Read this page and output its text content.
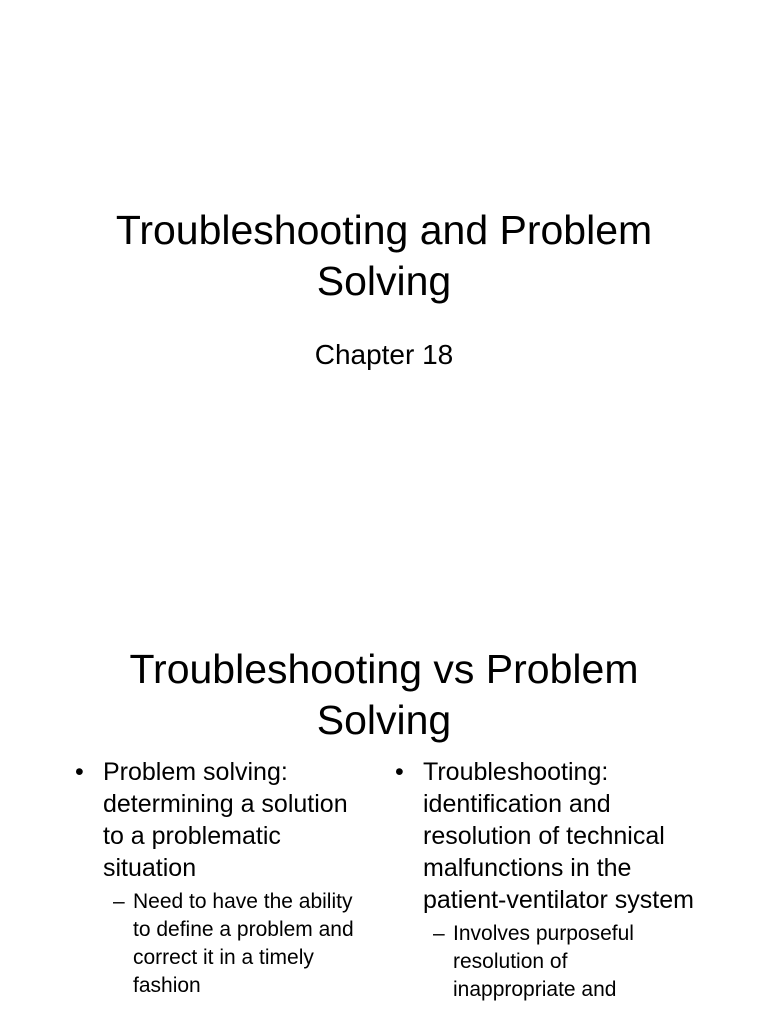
Troubleshooting and Problem Solving
Chapter 18
Troubleshooting vs Problem Solving
• Problem solving: determining a solution to a problematic situation
– Need to have the ability to define a problem and correct it in a timely fashion
• Troubleshooting: identification and resolution of technical malfunctions in the patient-ventilator system
– Involves purposeful resolution of inappropriate and
